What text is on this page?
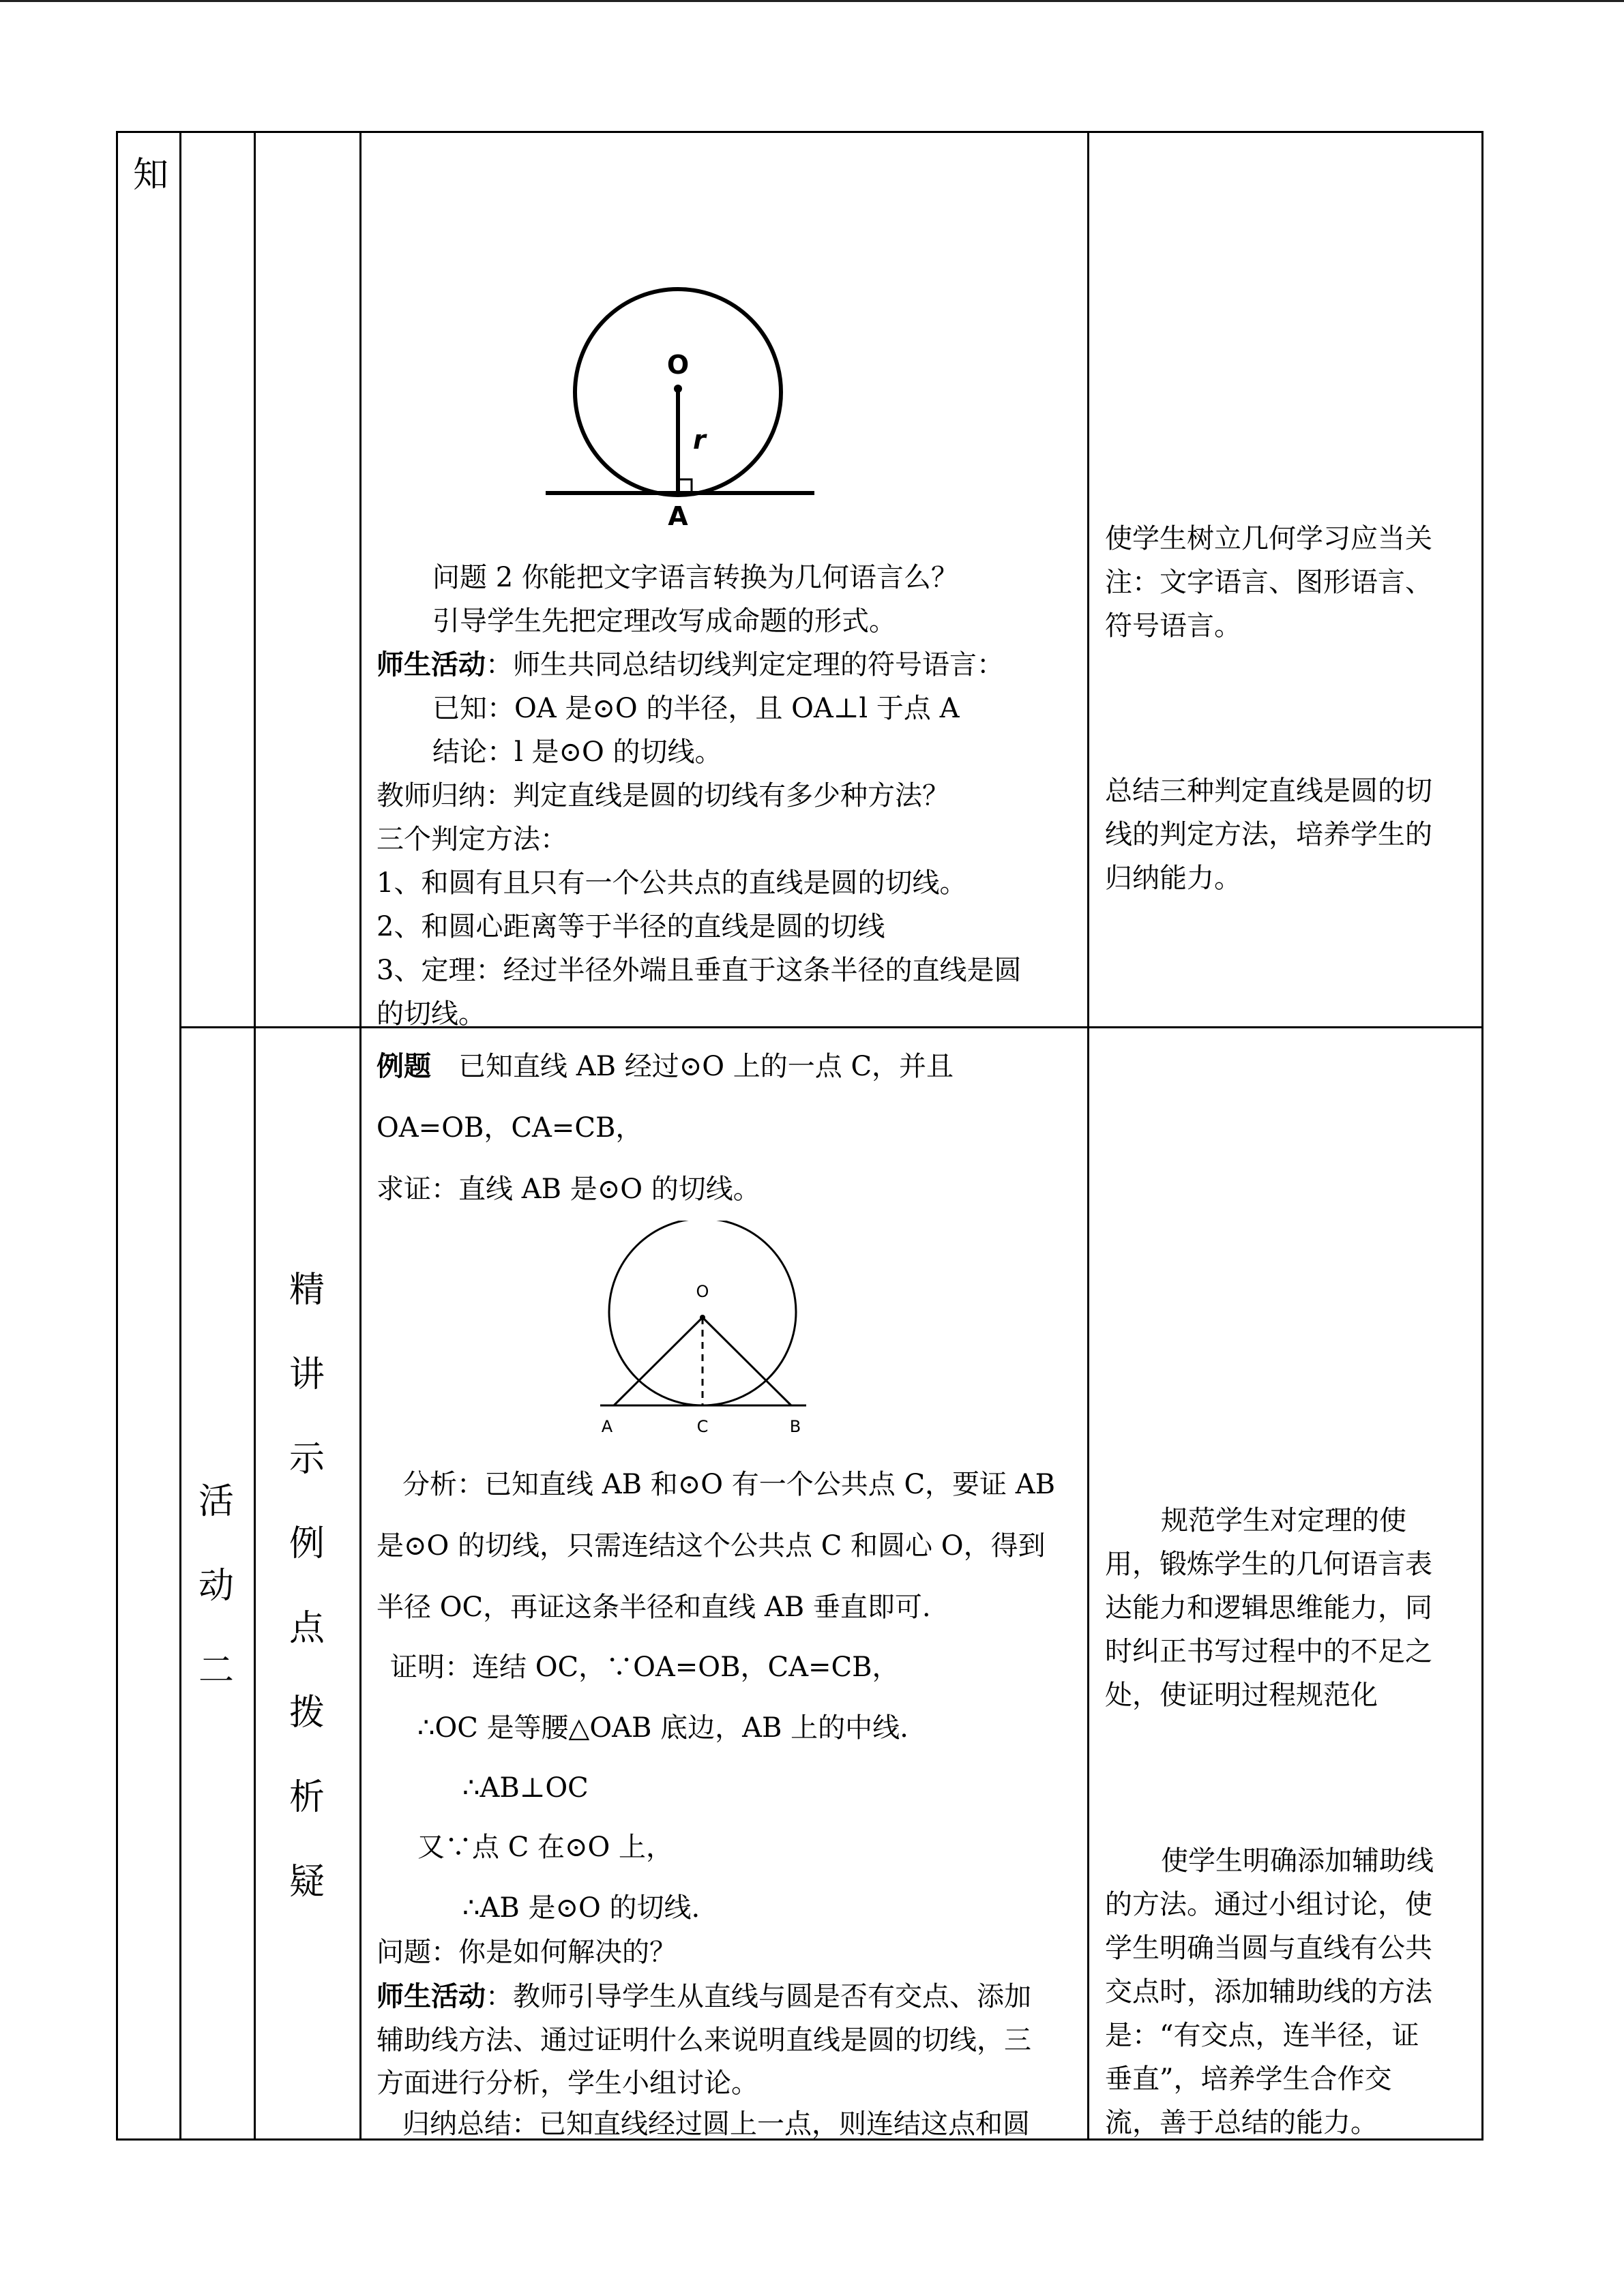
知
活
动
二
精
讲
示
例
点
拨
析
疑
O
r
A
问题 2 你能把文字语言转换为几何语言么？
引导学生先把定理改写成命题的形式。
师生活动：师生共同总结切线判定定理的符号语言：
已知：OA 是⊙O 的半径，且 OA⊥l 于点 A
结论：l 是⊙O 的切线。
教师归纳：判定直线是圆的切线有多少种方法？
三个判定方法：
1、和圆有且只有一个公共点的直线是圆的切线。
2、和圆心距离等于半径的直线是圆的切线
3、定理：经过半径外端且垂直于这条半径的直线是圆
的切线。
使学生树立几何学习应当关
注：文字语言、图形语言、
符号语言。
总结三种判定直线是圆的切
线的判定方法，培养学生的
归纳能力。
例题 已知直线 AB 经过⊙O 上的一点 C，并且
OA=OB，CA=CB，
求证：直线 AB 是⊙O 的切线。
O
A	C	B
分析：已知直线 AB 和⊙O 有一个公共点 C，要证 AB
是⊙O 的切线，只需连结这个公共点 C 和圆心 O，得到
半径 OC，再证这条半径和直线 AB 垂直即可.
证明：连结 OC，∵OA=OB，CA=CB，
∴OC 是等腰△OAB 底边，AB 上的中线.
∴AB⊥OC
又∵点 C 在⊙O 上，
∴AB 是⊙O 的切线.
问题：你是如何解决的？
师生活动：教师引导学生从直线与圆是否有交点、添加
辅助线方法、通过证明什么来说明直线是圆的切线，三
方面进行分析，学生小组讨论。
归纳总结：已知直线经过圆上一点，则连结这点和圆
规范学生对定理的使
用，锻炼学生的几何语言表
达能力和逻辑思维能力，同
时纠正书写过程中的不足之
处，使证明过程规范化
使学生明确添加辅助线
的方法。通过小组讨论，使
学生明确当圆与直线有公共
交点时，添加辅助线的方法
是：“有交点，连半径，证
垂直”，培养学生合作交
流，善于总结的能力。
